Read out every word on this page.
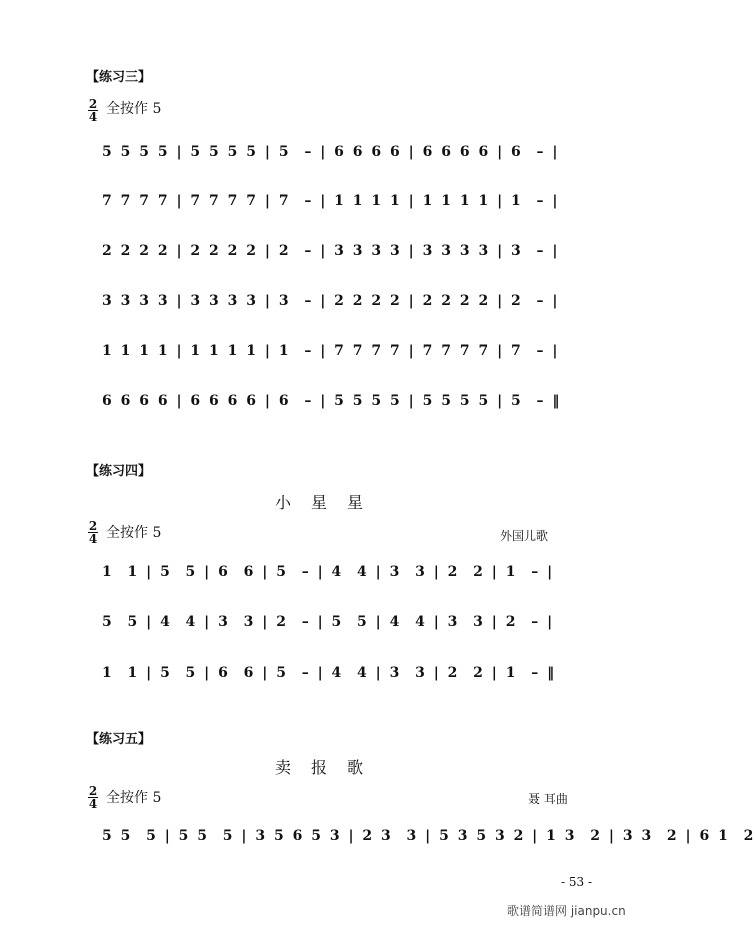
【练习三】
2
4 全按作 5
5 5 5 5 | 5 5 5 5 | 5  – | 6 6 6 6 | 6 6 6 6 | 6  – |
7 7 7 7 | 7 7 7 7 | 7  – | 1 1 1 1 | 1 1 1 1 | 1  – |
2 2 2 2 | 2 2 2 2 | 2  – | 3 3 3 3 | 3 3 3 3 | 3  – |
3 3 3 3 | 3 3 3 3 | 3  – | 2 2 2 2 | 2 2 2 2 | 2  – |
1 1 1 1 | 1 1 1 1 | 1  – | 7 7 7 7 | 7 7 7 7 | 7  – |
6 6 6 6 | 6 6 6 6 | 6  – | 5 5 5 5 | 5 5 5 5 | 5  – ‖
【练习四】
小星星
2
4 全按作 5	外国儿歌
1  1 | 5  5 | 6  6 | 5  – | 4  4 | 3  3 | 2  2 | 1  – |
5  5 | 4  4 | 3  3 | 2  – | 5  5 | 4  4 | 3  3 | 2  – |
1  1 | 5  5 | 6  6 | 5  – | 4  4 | 3  3 | 2  2 | 1  – ‖
【练习五】
卖报歌
2
4 全按作 5	聂 耳曲
5 5  5 | 5 5  5 | 3 5 6 5 3 | 2 3  3 | 5 3 5 3 2 | 1 3  2 | 3 3  2 | 6 1  2
- 53 -
歌谱简谱网 jianpu.cn
